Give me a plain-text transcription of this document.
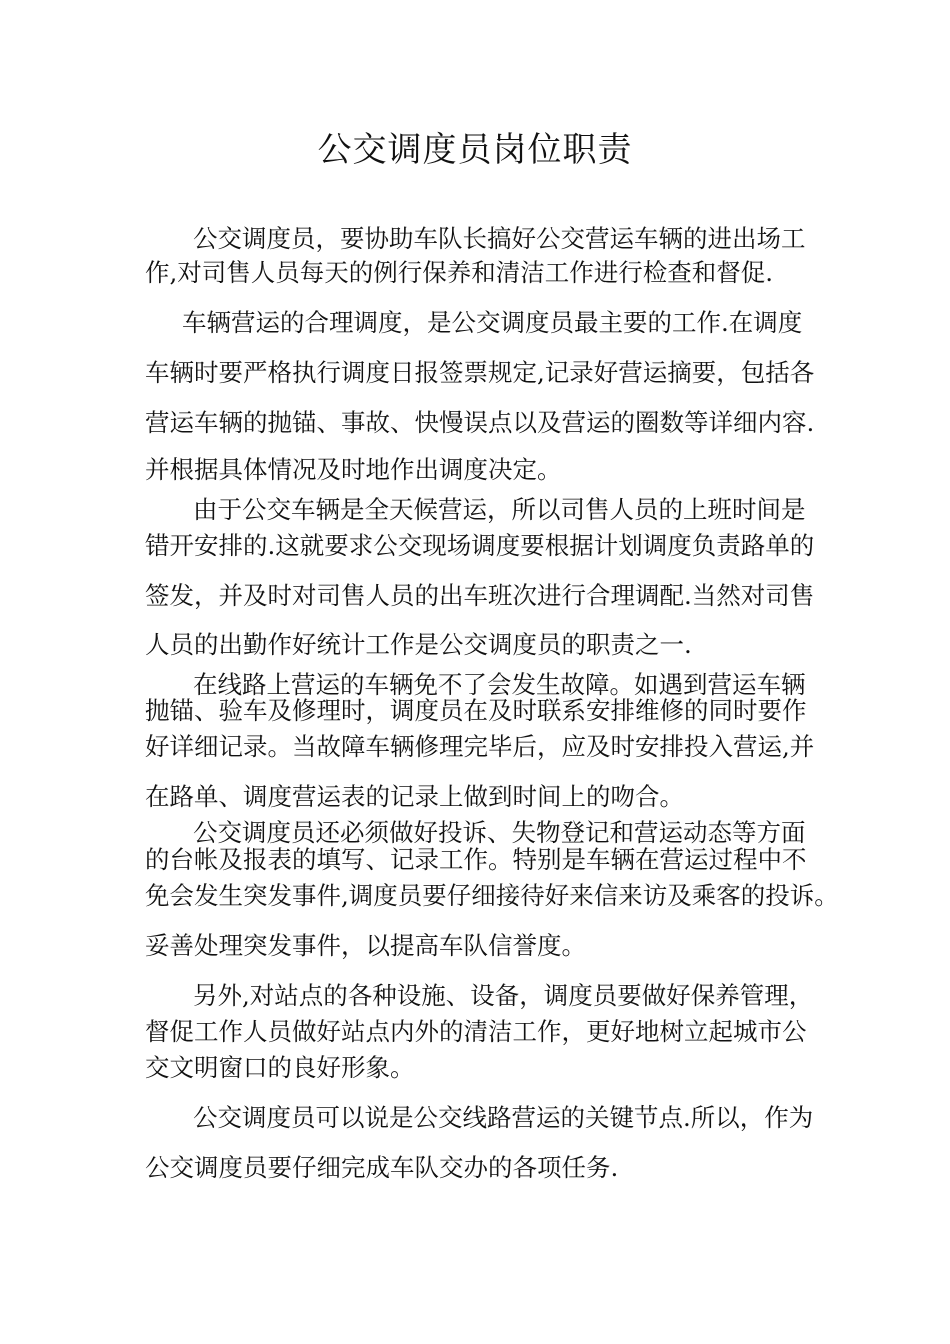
公交调度员岗位职责
公交调度员，要协助车队长搞好公交营运车辆的进出场工
作,对司售人员每天的例行保养和清洁工作进行检查和督促.
车辆营运的合理调度，是公交调度员最主要的工作.在调度
车辆时要严格执行调度日报签票规定,记录好营运摘要，包括各
营运车辆的抛锚、事故、快慢误点以及营运的圈数等详细内容.
并根据具体情况及时地作出调度决定。
由于公交车辆是全天候营运，所以司售人员的上班时间是
错开安排的.这就要求公交现场调度要根据计划调度负责路单的
签发，并及时对司售人员的出车班次进行合理调配.当然对司售
人员的出勤作好统计工作是公交调度员的职责之一.
在线路上营运的车辆免不了会发生故障。如遇到营运车辆
抛锚、验车及修理时，调度员在及时联系安排维修的同时要作
好详细记录。当故障车辆修理完毕后，应及时安排投入营运,并
在路单、调度营运表的记录上做到时间上的吻合。
公交调度员还必须做好投诉、失物登记和营运动态等方面
的台帐及报表的填写、记录工作。特别是车辆在营运过程中不
免会发生突发事件,调度员要仔细接待好来信来访及乘客的投诉。
妥善处理突发事件，以提高车队信誉度。
另外,对站点的各种设施、设备，调度员要做好保养管理，
督促工作人员做好站点内外的清洁工作，更好地树立起城市公
交文明窗口的良好形象。
公交调度员可以说是公交线路营运的关键节点.所以，作为
公交调度员要仔细完成车队交办的各项任务.
